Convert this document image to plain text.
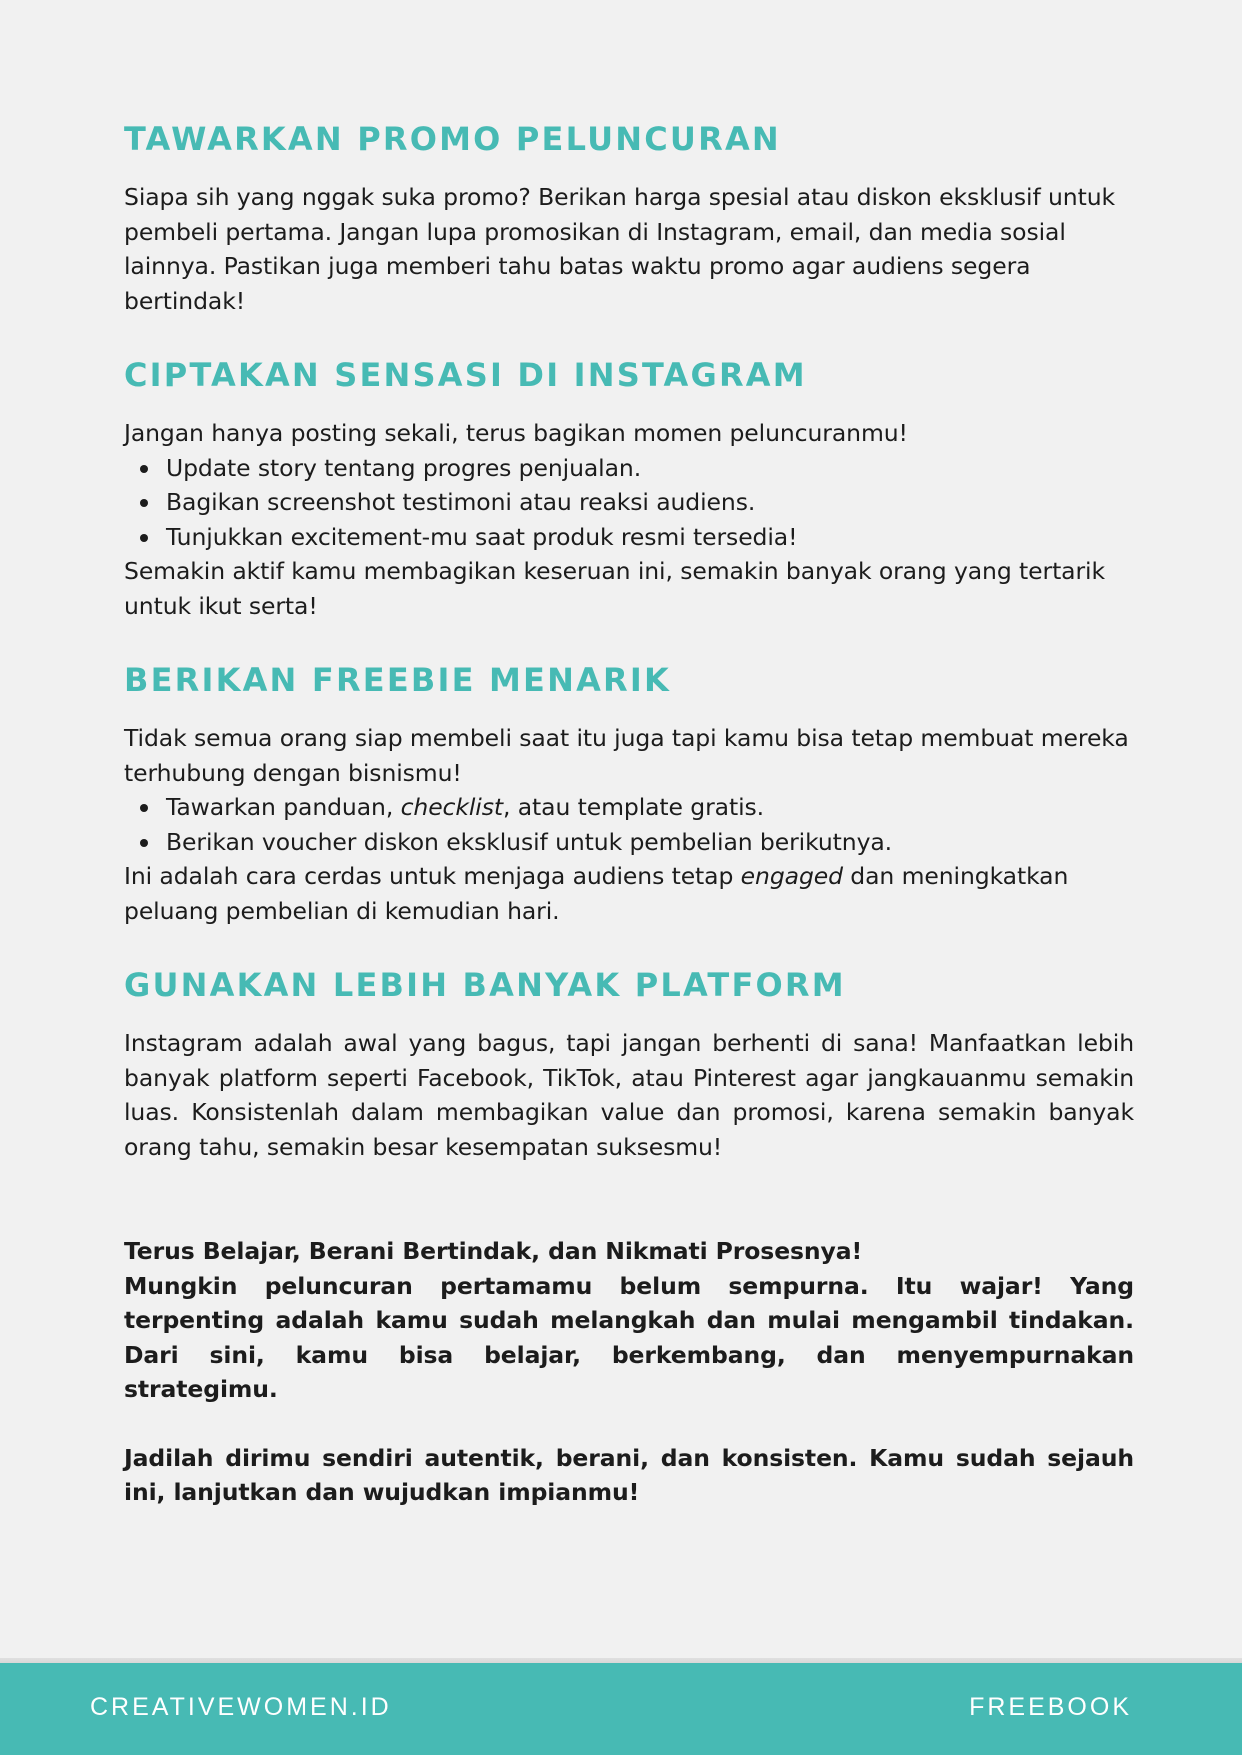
TAWARKAN PROMO PELUNCURAN

Siapa sih yang nggak suka promo? Berikan harga spesial atau diskon eksklusif untuk pembeli pertama. Jangan lupa promosikan di Instagram, email, dan media sosial lainnya. Pastikan juga memberi tahu batas waktu promo agar audiens segera bertindak!

CIPTAKAN SENSASI DI INSTAGRAM

Jangan hanya posting sekali, terus bagikan momen peluncuranmu!

Update story tentang progres penjualan.
Bagikan screenshot testimoni atau reaksi audiens.
Tunjukkan excitement-mu saat produk resmi tersedia!

Semakin aktif kamu membagikan keseruan ini, semakin banyak orang yang tertarik untuk ikut serta!

BERIKAN FREEBIE MENARIK

Tidak semua orang siap membeli saat itu juga tapi kamu bisa tetap membuat mereka terhubung dengan bisnismu!

Tawarkan panduan, checklist, atau template gratis.
Berikan voucher diskon eksklusif untuk pembelian berikutnya.

Ini adalah cara cerdas untuk menjaga audiens tetap engaged dan meningkatkan peluang pembelian di kemudian hari.

GUNAKAN LEBIH BANYAK PLATFORM

Instagram adalah awal yang bagus, tapi jangan berhenti di sana! Manfaatkan lebih banyak platform seperti Facebook, TikTok, atau Pinterest agar jangkauanmu semakin luas. Konsistenlah dalam membagikan value dan promosi, karena semakin banyak orang tahu, semakin besar kesempatan suksesmu!

Terus Belajar, Berani Bertindak, dan Nikmati Prosesnya!

Mungkin peluncuran pertamamu belum sempurna. Itu wajar! Yang terpenting adalah kamu sudah melangkah dan mulai mengambil tindakan. Dari sini, kamu bisa belajar, berkembang, dan menyempurnakan strategimu.

Jadilah dirimu sendiri autentik, berani, dan konsisten. Kamu sudah sejauh ini, lanjutkan dan wujudkan impianmu!

CREATIVEWOMEN.ID	FREEBOOK
